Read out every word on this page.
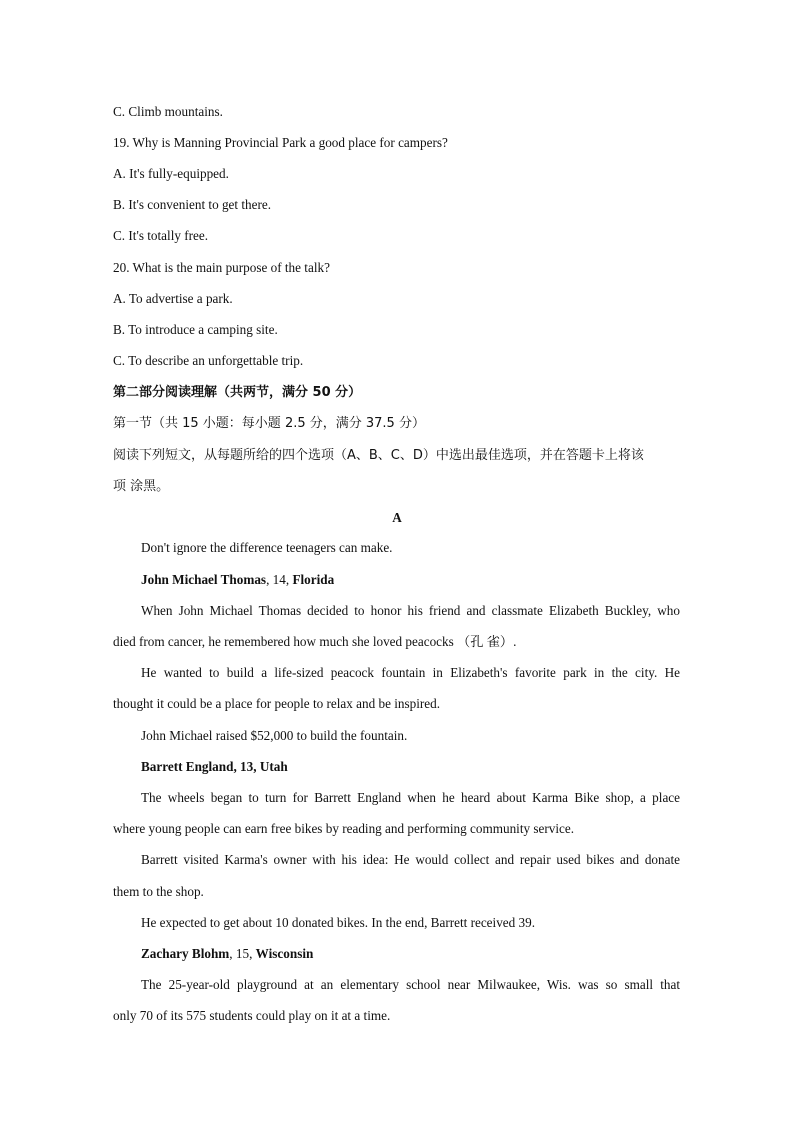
C. Climb mountains.
19. Why is Manning Provincial Park a good place for campers?
A. It's fully-equipped.
B. It's convenient to get there.
C. It's totally free.
20. What is the main purpose of the talk?
A. To advertise a park.
B. To introduce a camping site.
C. To describe an unforgettable trip.
第二部分阅读理解（共两节，满分 50 分）
第一节（共 15 小题：每小题 2.5 分，满分 37.5 分）
阅读下列短文，从每题所给的四个选项（A、B、C、D）中选出最佳选项，并在答题卡上将该
项 涂黑。
A
Don't ignore the difference teenagers can make.
John Michael Thomas, 14, Florida
When John Michael Thomas decided to honor his friend and classmate Elizabeth Buckley, who
died from cancer, he remembered how much she loved peacocks （孔 雀）.
He wanted to build a life-sized peacock fountain in Elizabeth's favorite park in the city. He
thought it could be a place for people to relax and be inspired.
John Michael raised $52,000 to build the fountain.
Barrett England, 13, Utah
The wheels began to turn for Barrett England when he heard about Karma Bike shop, a place
where young people can earn free bikes by reading and performing community service.
Barrett visited Karma's owner with his idea: He would collect and repair used bikes and donate
them to the shop.
He expected to get about 10 donated bikes. In the end, Barrett received 39.
Zachary Blohm, 15, Wisconsin
The 25-year-old playground at an elementary school near Milwaukee, Wis. was so small that
only 70 of its 575 students could play on it at a time.
